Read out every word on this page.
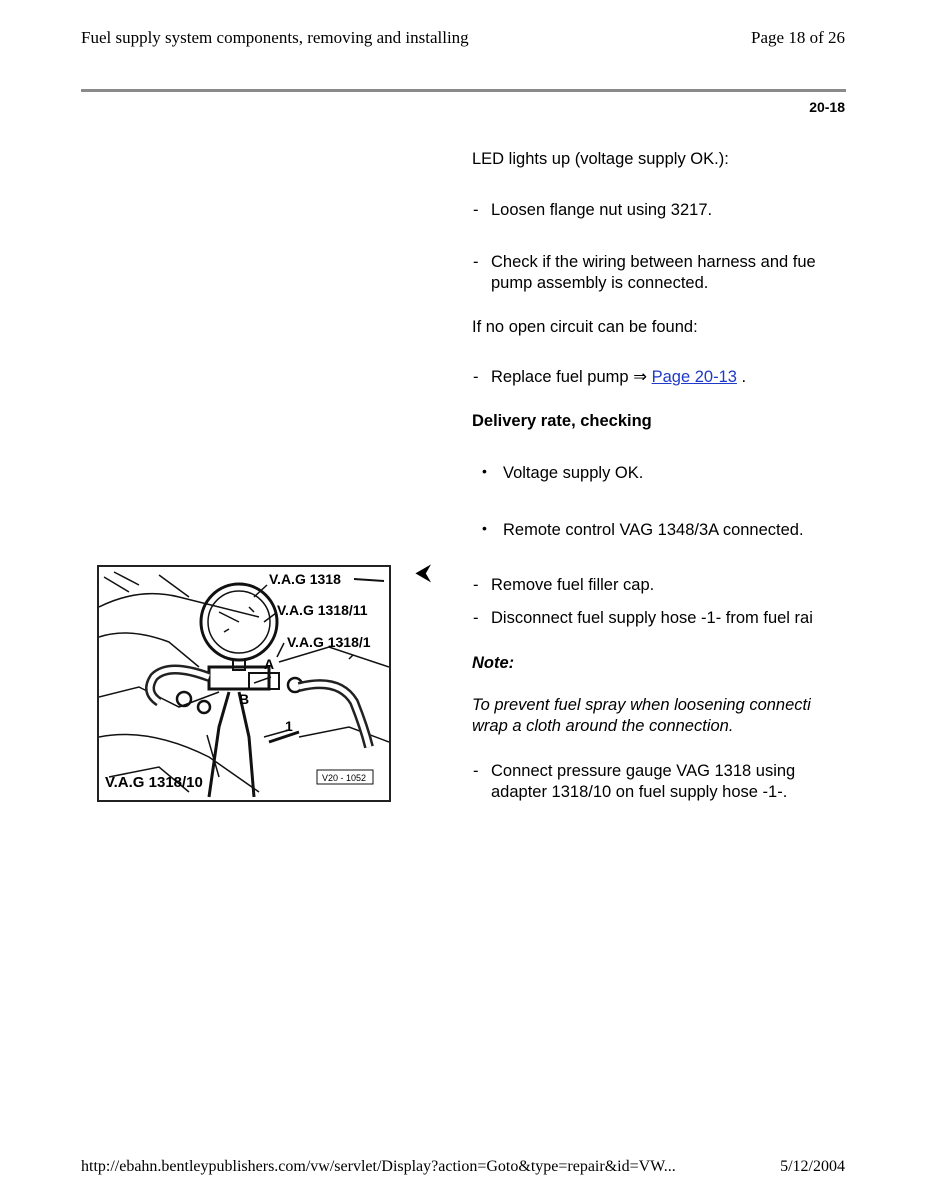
Fuel supply system components, removing and installing	Page 18 of 26
20-18
LED lights up (voltage supply OK.):
- Loosen flange nut using 3217.
- Check if the wiring between harness and fue
pump assembly is connected.
If no open circuit can be found:
- Replace fuel pump ⇒ Page 20-13 .
Delivery rate, checking
• Voltage supply OK.
• Remote control VAG 1348/3A connected.
⮜
- Remove fuel filler cap.
- Disconnect fuel supply hose -1- from fuel rai
Note:
To prevent fuel spray when loosening connecti
wrap a cloth around the connection.
- Connect pressure gauge VAG 1318 using
adapter 1318/10 on fuel supply hose -1-.
V.A.G 1318
V.A.G 1318/11
V.A.G 1318/1
A
B
1
V.A.G 1318/10	V20 - 1052
http://ebahn.bentleypublishers.com/vw/servlet/Display?action=Goto&type=repair&id=VW...	5/12/2004
